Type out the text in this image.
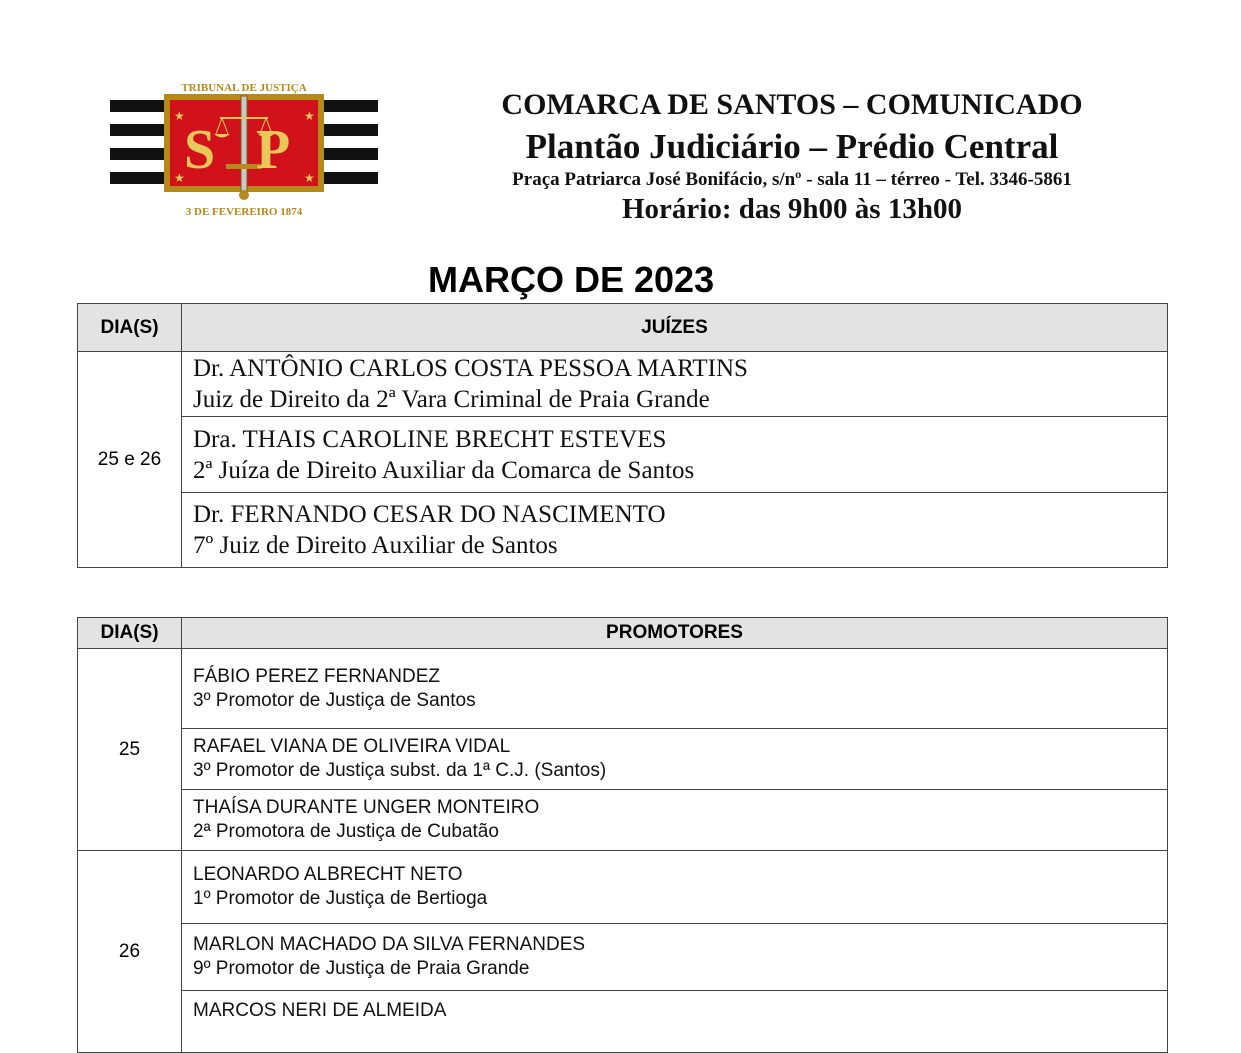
S P
★	★
★	★
TRIBUNAL DE JUSTIÇA
3 DE FEVEREIRO 1874
COMARCA DE SANTOS – COMUNICADO
Plantão Judiciário – Prédio Central
Praça Patriarca José Bonifácio, s/nº - sala 11 – térreo - Tel. 3346-5861
Horário: das 9h00 às 13h00
MARÇO DE 2023
DIA(S)	JUÍZES
25 e 26	Dr. ANTÔNIO CARLOS COSTA PESSOA MARTINS
Juiz de Direito da 2ª Vara Criminal de Praia Grande

	Dra. THAIS CAROLINE BRECHT ESTEVES
2ª Juíza de Direito Auxiliar da Comarca de Santos

	Dr. FERNANDO CESAR DO NASCIMENTO
7º Juiz de Direito Auxiliar de Santos
DIA(S)	PROMOTORES
25	FÁBIO PEREZ FERNANDEZ
3º Promotor de Justiça de Santos

	RAFAEL VIANA DE OLIVEIRA VIDAL
3º Promotor de Justiça subst. da 1ª C.J. (Santos)

	THAÍSA DURANTE UNGER MONTEIRO
2ª Promotora de Justiça de Cubatão

26	LEONARDO ALBRECHT NETO
1º Promotor de Justiça de Bertioga

	MARLON MACHADO DA SILVA FERNANDES
9º Promotor de Justiça de Praia Grande

	MARCOS NERI DE ALMEIDA
